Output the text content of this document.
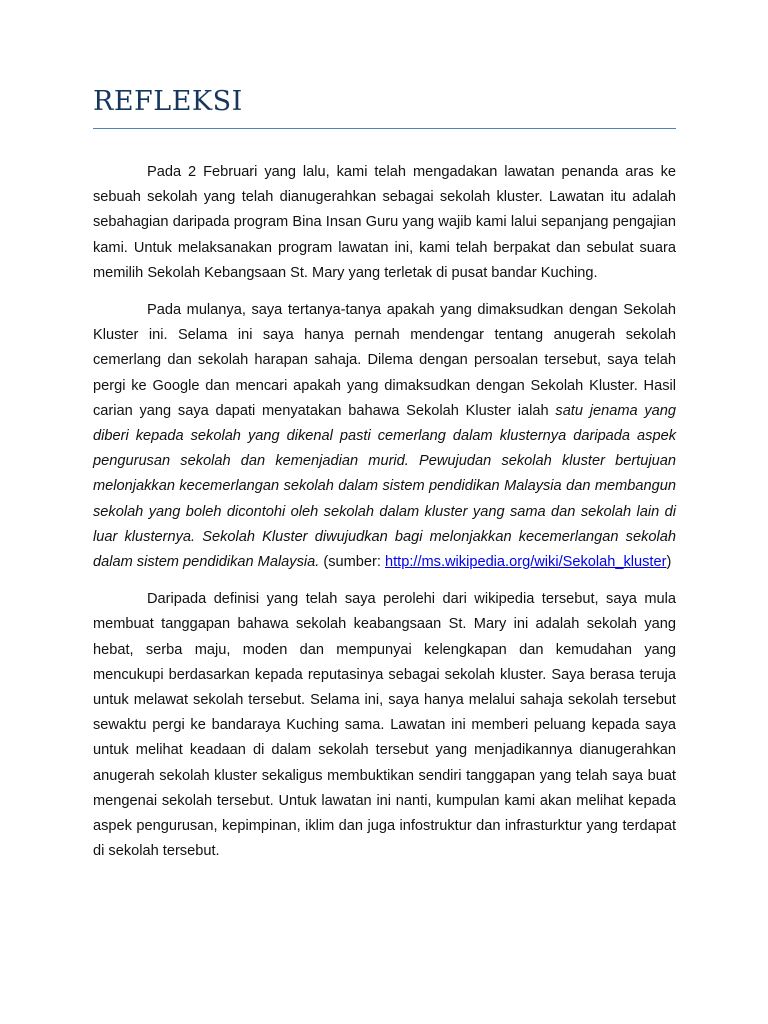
REFLEKSI

Pada 2 Februari yang lalu, kami telah mengadakan lawatan penanda aras ke sebuah sekolah yang telah dianugerahkan sebagai sekolah kluster. Lawatan itu adalah sebahagian daripada program Bina Insan Guru yang wajib kami lalui sepanjang pengajian kami. Untuk melaksanakan program lawatan ini, kami telah berpakat dan sebulat suara memilih Sekolah Kebangsaan St. Mary yang terletak di pusat bandar Kuching.

Pada mulanya, saya tertanya-tanya apakah yang dimaksudkan dengan Sekolah Kluster ini. Selama ini saya hanya pernah mendengar tentang anugerah sekolah cemerlang dan sekolah harapan sahaja. Dilema dengan persoalan tersebut, saya telah pergi ke Google dan mencari apakah yang dimaksudkan dengan Sekolah Kluster. Hasil carian yang saya dapati menyatakan bahawa Sekolah Kluster ialah satu jenama yang diberi kepada sekolah yang dikenal pasti cemerlang dalam klusternya daripada aspek pengurusan sekolah dan kemenjadian murid. Pewujudan sekolah kluster bertujuan melonjakkan kecemerlangan sekolah dalam sistem pendidikan Malaysia dan membangun sekolah yang boleh dicontohi oleh sekolah dalam kluster yang sama dan sekolah lain di luar klusternya. Sekolah Kluster diwujudkan bagi melonjakkan kecemerlangan sekolah dalam sistem pendidikan Malaysia. (sumber: http://ms.wikipedia.org/wiki/Sekolah_kluster)

Daripada definisi yang telah saya perolehi dari wikipedia tersebut, saya mula membuat tanggapan bahawa sekolah keabangsaan St. Mary ini adalah sekolah yang hebat, serba maju, moden dan mempunyai kelengkapan dan kemudahan yang mencukupi berdasarkan kepada reputasinya sebagai sekolah kluster. Saya berasa teruja untuk melawat sekolah tersebut. Selama ini, saya hanya melalui sahaja sekolah tersebut sewaktu pergi ke bandaraya Kuching sama. Lawatan ini memberi peluang kepada saya untuk melihat keadaan di dalam sekolah tersebut yang menjadikannya dianugerahkan anugerah sekolah kluster sekaligus membuktikan sendiri tanggapan yang telah saya buat mengenai sekolah tersebut. Untuk lawatan ini nanti, kumpulan kami akan melihat kepada aspek pengurusan, kepimpinan, iklim dan juga infostruktur dan infrasturktur yang terdapat di sekolah tersebut.
